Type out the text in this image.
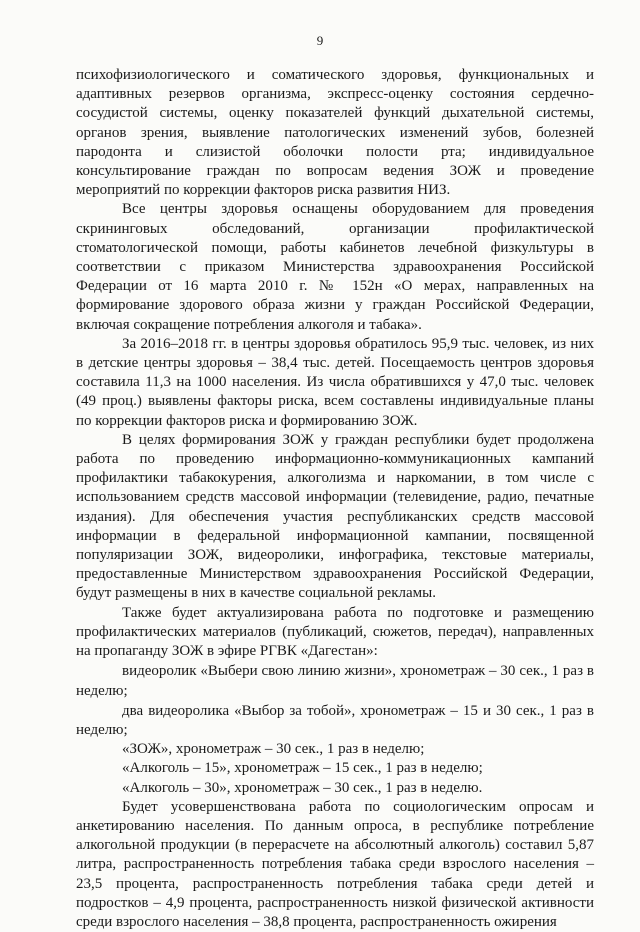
9

психофизиологического и соматического здоровья, функциональных и адаптивных резервов организма, экспресс-оценку состояния сердечно-сосудистой системы, оценку показателей функций дыхательной системы, органов зрения, выявление патологических изменений зубов, болезней пародонта и слизистой оболочки полости рта; индивидуальное консультирование граждан по вопросам ведения ЗОЖ и проведение мероприятий по коррекции факторов риска развития НИЗ.

Все центры здоровья оснащены оборудованием для проведения скрининговых обследований, организации профилактической стоматологической помощи, работы кабинетов лечебной физкультуры в соответствии с приказом Министерства здравоохранения Российской Федерации от 16 марта 2010 г. № 152н «О мерах, направленных на формирование здорового образа жизни у граждан Российской Федерации, включая сокращение потребления алкоголя и табака».

За 2016–2018 гг. в центры здоровья обратилось 95,9 тыс. человек, из них в детские центры здоровья – 38,4 тыс. детей. Посещаемость центров здоровья составила 11,3 на 1000 населения. Из числа обратившихся у 47,0 тыс. человек (49 проц.) выявлены факторы риска, всем составлены индивидуальные планы по коррекции факторов риска и формированию ЗОЖ.

В целях формирования ЗОЖ у граждан республики будет продолжена работа по проведению информационно-коммуникационных кампаний профилактики табакокурения, алкоголизма и наркомании, в том числе с использованием средств массовой информации (телевидение, радио, печатные издания). Для обеспечения участия республиканских средств массовой информации в федеральной информационной кампании, посвященной популяризации ЗОЖ, видеоролики, инфографика, текстовые материалы, предоставленные Министерством здравоохранения Российской Федерации, будут размещены в них в качестве социальной рекламы.

Также будет актуализирована работа по подготовке и размещению профилактических материалов (публикаций, сюжетов, передач), направленных на пропаганду ЗОЖ в эфире РГВК «Дагестан»:

видеоролик «Выбери свою линию жизни», хронометраж – 30 сек., 1 раз в неделю;

два видеоролика «Выбор за тобой», хронометраж – 15 и 30 сек., 1 раз в неделю;

«ЗОЖ», хронометраж – 30 сек., 1 раз в неделю;

«Алкоголь – 15», хронометраж – 15 сек., 1 раз в неделю;

«Алкоголь – 30», хронометраж – 30 сек., 1 раз в неделю.

Будет усовершенствована работа по социологическим опросам и анкетированию населения. По данным опроса, в республике потребление алкогольной продукции (в перерасчете на абсолютный алкоголь) составил 5,87 литра, распространенность потребления табака среди взрослого населения – 23,5 процента, распространенность потребления табака среди детей и подростков – 4,9 процента, распространенность низкой физической активности среди взрослого населения – 38,8 процента, распространенность ожирения
